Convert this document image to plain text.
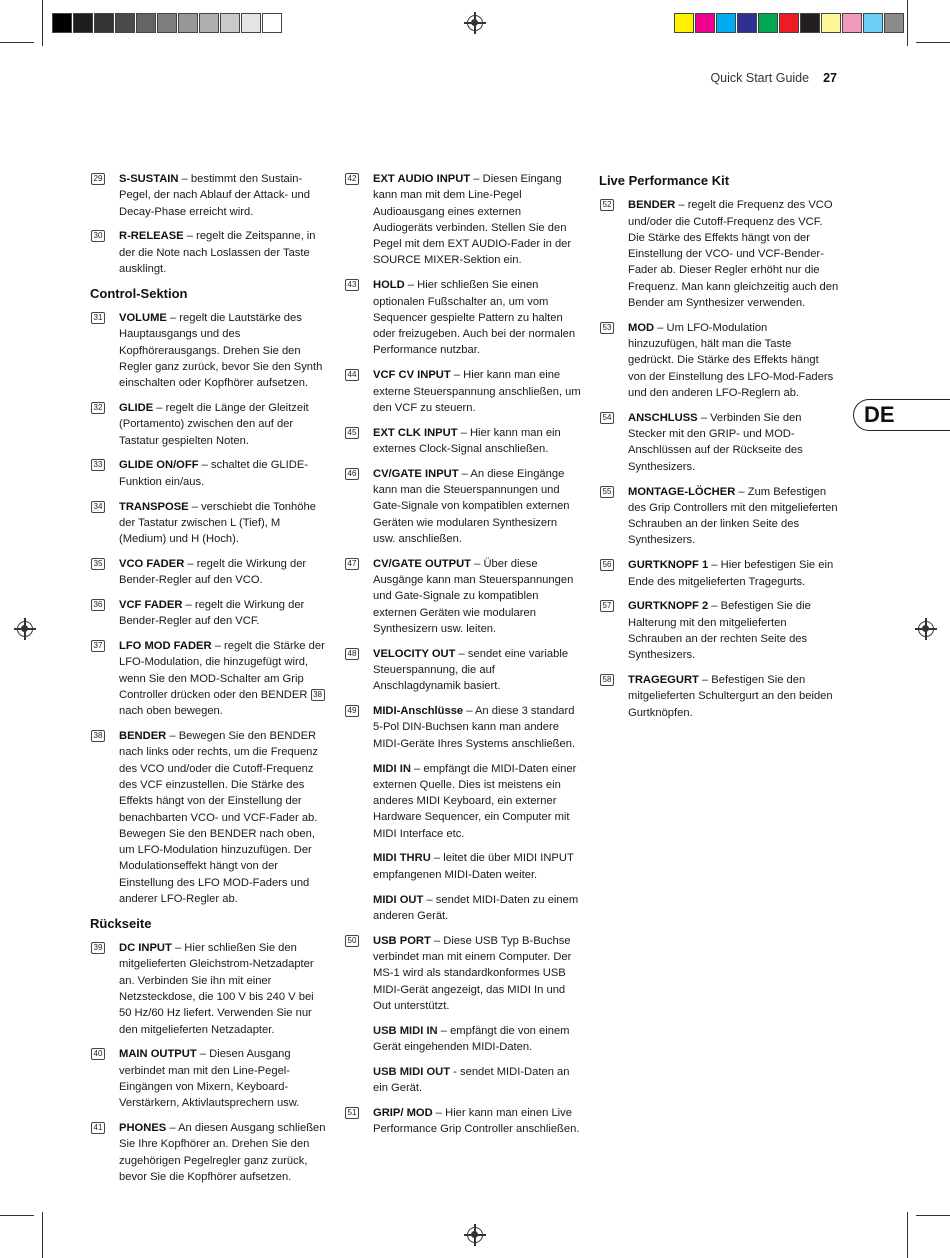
Quick Start Guide 27
DE
29 S-SUSTAIN – bestimmt den Sustain-Pegel, der nach Ablauf der Attack- und Decay-Phase erreicht wird.
30 R-RELEASE – regelt die Zeitspanne, in der die Note nach Loslassen der Taste ausklingt.
Control-Sektion
31 VOLUME – regelt die Lautstärke des Hauptausgangs und des Kopfhörerausgangs. Drehen Sie den Regler ganz zurück, bevor Sie den Synth einschalten oder Kopfhörer aufsetzen.
32 GLIDE – regelt die Länge der Gleitzeit (Portamento) zwischen den auf der Tastatur gespielten Noten.
33 GLIDE ON/OFF – schaltet die GLIDE-Funktion ein/aus.
34 TRANSPOSE – verschiebt die Tonhöhe der Tastatur zwischen L (Tief), M (Medium) und H (Hoch).
35 VCO FADER – regelt die Wirkung der Bender-Regler auf den VCO.
36 VCF FADER – regelt die Wirkung der Bender-Regler auf den VCF.
37 LFO MOD FADER – regelt die Stärke der LFO-Modulation, die hinzugefügt wird, wenn Sie den MOD-Schalter am Grip Controller drücken oder den BENDER 38 nach oben bewegen.
38 BENDER – Bewegen Sie den BENDER nach links oder rechts, um die Frequenz des VCO und/oder die Cutoff-Frequenz des VCF einzustellen. Die Stärke des Effekts hängt von der Einstellung der benachbarten VCO- und VCF-Fader ab. Bewegen Sie den BENDER nach oben, um LFO-Modulation hinzuzufügen. Der Modulationseffekt hängt von der Einstellung des LFO MOD-Faders und anderer LFO-Regler ab.
Rückseite
39 DC INPUT – Hier schließen Sie den mitgelieferten Gleichstrom-Netzadapter an. Verbinden Sie ihn mit einer Netzsteckdose, die 100 V bis 240 V bei 50 Hz/60 Hz liefert. Verwenden Sie nur den mitgelieferten Netzadapter.
40 MAIN OUTPUT – Diesen Ausgang verbindet man mit den Line-Pegel-Eingängen von Mixern, Keyboard-Verstärkern, Aktivlautsprechern usw.
41 PHONES – An diesen Ausgang schließen Sie Ihre Kopfhörer an. Drehen Sie den zugehörigen Pegelregler ganz zurück, bevor Sie die Kopfhörer aufsetzen.
42 EXT AUDIO INPUT – Diesen Eingang kann man mit dem Line-Pegel Audioausgang eines externen Audiogeräts verbinden. Stellen Sie den Pegel mit dem EXT AUDIO-Fader in der SOURCE MIXER-Sektion ein.
43 HOLD – Hier schließen Sie einen optionalen Fußschalter an, um vom Sequencer gespielte Pattern zu halten oder freizugeben. Auch bei der normalen Performance nutzbar.
44 VCF CV INPUT – Hier kann man eine externe Steuerspannung anschließen, um den VCF zu steuern.
45 EXT CLK INPUT – Hier kann man ein externes Clock-Signal anschließen.
46 CV/GATE INPUT – An diese Eingänge kann man die Steuerspannungen und Gate-Signale von kompatiblen externen Geräten wie modularen Synthesizern usw. anschließen.
47 CV/GATE OUTPUT – Über diese Ausgänge kann man Steuerspannungen und Gate-Signale zu kompatiblen externen Geräten wie modularen Synthesizern usw. leiten.
48 VELOCITY OUT – sendet eine variable Steuerspannung, die auf Anschlagdynamik basiert.
49 MIDI-Anschlüsse – An diese 3 standard 5-Pol DIN-Buchsen kann man andere MIDI-Geräte Ihres Systems anschließen.
MIDI IN – empfängt die MIDI-Daten einer externen Quelle. Dies ist meistens ein anderes MIDI Keyboard, ein externer Hardware Sequencer, ein Computer mit MIDI Interface etc.
MIDI THRU – leitet die über MIDI INPUT empfangenen MIDI-Daten weiter.
MIDI OUT – sendet MIDI-Daten zu einem anderen Gerät.
50 USB PORT – Diese USB Typ B-Buchse verbindet man mit einem Computer. Der MS-1 wird als standardkonformes USB MIDI-Gerät angezeigt, das MIDI In und Out unterstützt.
USB MIDI IN – empfängt die von einem Gerät eingehenden MIDI-Daten.
USB MIDI OUT - sendet MIDI-Daten an ein Gerät.
51 GRIP/ MOD – Hier kann man einen Live Performance Grip Controller anschließen.
Live Performance Kit
52 BENDER – regelt die Frequenz des VCO und/oder die Cutoff-Frequenz des VCF. Die Stärke des Effekts hängt von der Einstellung der VCO- und VCF-Bender-Fader ab. Dieser Regler erhöht nur die Frequenz. Man kann gleichzeitig auch den Bender am Synthesizer verwenden.
53 MOD – Um LFO-Modulation hinzuzufügen, hält man die Taste gedrückt. Die Stärke des Effekts hängt von der Einstellung des LFO-Mod-Faders und den anderen LFO-Reglern ab.
54 ANSCHLUSS – Verbinden Sie den Stecker mit den GRIP- und MOD-Anschlüssen auf der Rückseite des Synthesizers.
55 MONTAGE-LÖCHER – Zum Befestigen des Grip Controllers mit den mitgelieferten Schrauben an der linken Seite des Synthesizers.
56 GURTKNOPF 1 – Hier befestigen Sie ein Ende des mitgelieferten Tragegurts.
57 GURTKNOPF 2 – Befestigen Sie die Halterung mit den mitgelieferten Schrauben an der rechten Seite des Synthesizers.
58 TRAGEGURT – Befestigen Sie den mitgelieferten Schultergurt an den beiden Gurtknöpfen.
